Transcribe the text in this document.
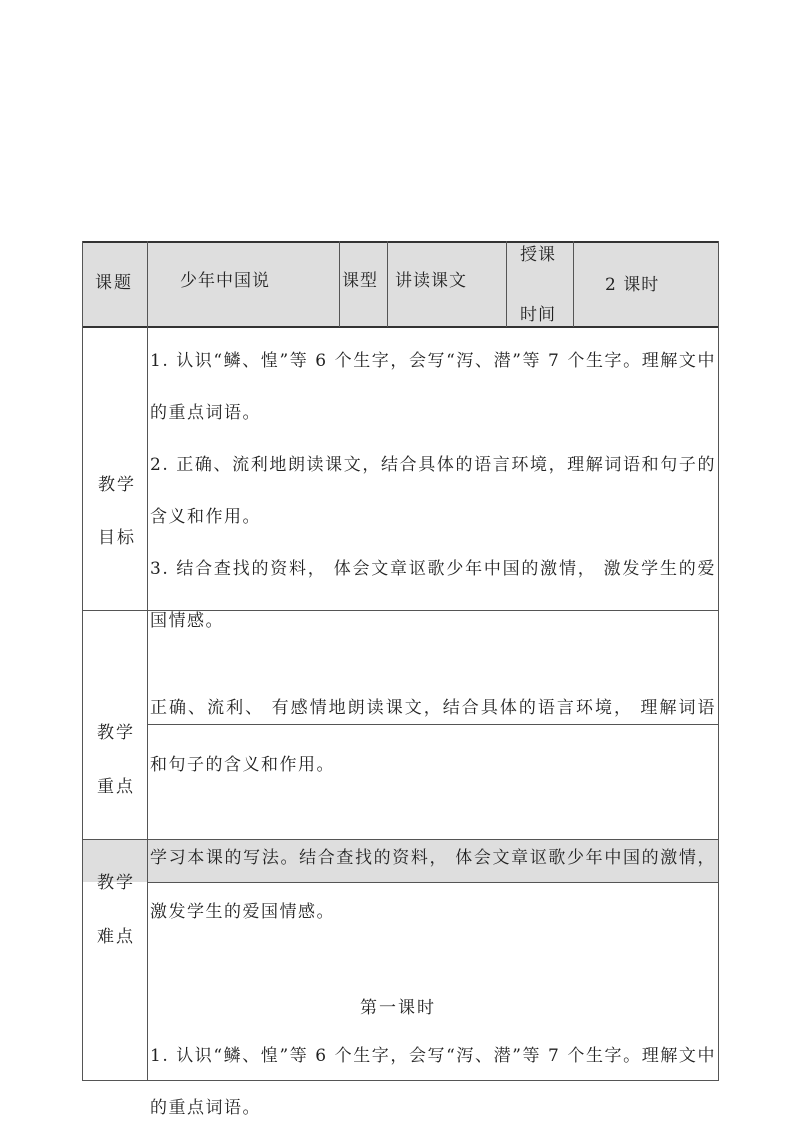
课题	少年中国说	课型 讲读课文
授课
时间
2 课时
教学
目标

1. 认识“鳞、惶”等 6 个生字，会写“泻、潜”等 7 个生字。理解文中的重点词语。

2. 正确、流利地朗读课文，结合具体的语言环境，理解词语和句子的含义和作用。

3. 结合查找的资料， 体会文章讴歌少年中国的激情， 激发学生的爱国情感。

教学
重点
正确、流利、 有感情地朗读课文，结合具体的语言环境， 理解词语和句子的含义和作用。
教学
难点
学习本课的写法。结合查找的资料， 体会文章讴歌少年中国的激情，激发学生的爱国情感。
第一课时
1. 认识“鳞、惶”等 6 个生字，会写“泻、潜”等 7 个生字。理解文中的重点词语。
